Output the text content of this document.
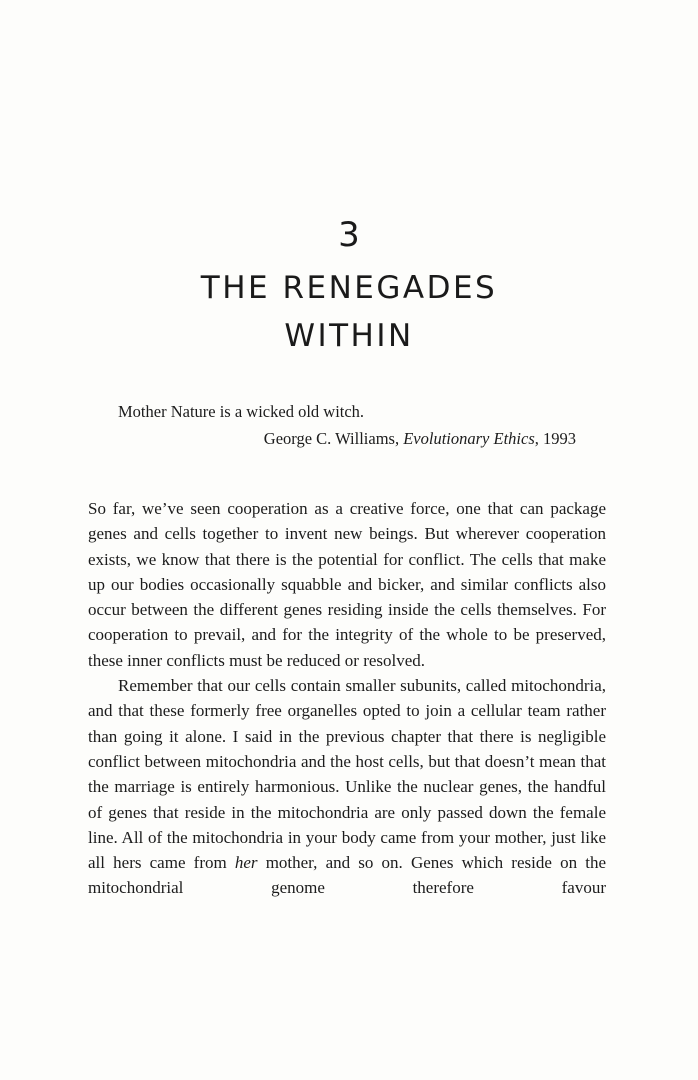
3
THE RENEGADES
WITHIN
Mother Nature is a wicked old witch.
George C. Williams, Evolutionary Ethics, 1993

So far, we’ve seen cooperation as a creative force, one that can package genes and cells together to invent new beings. But wherever cooperation exists, we know that there is the potential for conflict. The cells that make up our bodies occasionally squabble and bicker, and similar conflicts also occur between the different genes residing inside the cells themselves. For cooperation to prevail, and for the integrity of the whole to be preserved, these inner conflicts must be reduced or resolved.

Remember that our cells contain smaller subunits, called mitochondria, and that these formerly free organelles opted to join a cellular team rather than going it alone. I said in the previous chapter that there is negligible conflict between mitochondria and the host cells, but that doesn’t mean that the marriage is entirely harmonious. Unlike the nuclear genes, the handful of genes that reside in the mitochondria are only passed down the female line. All of the mitochondria in your body came from your mother, just like all hers came from her mother, and so on. Genes which reside on the mitochondrial genome therefore favour
